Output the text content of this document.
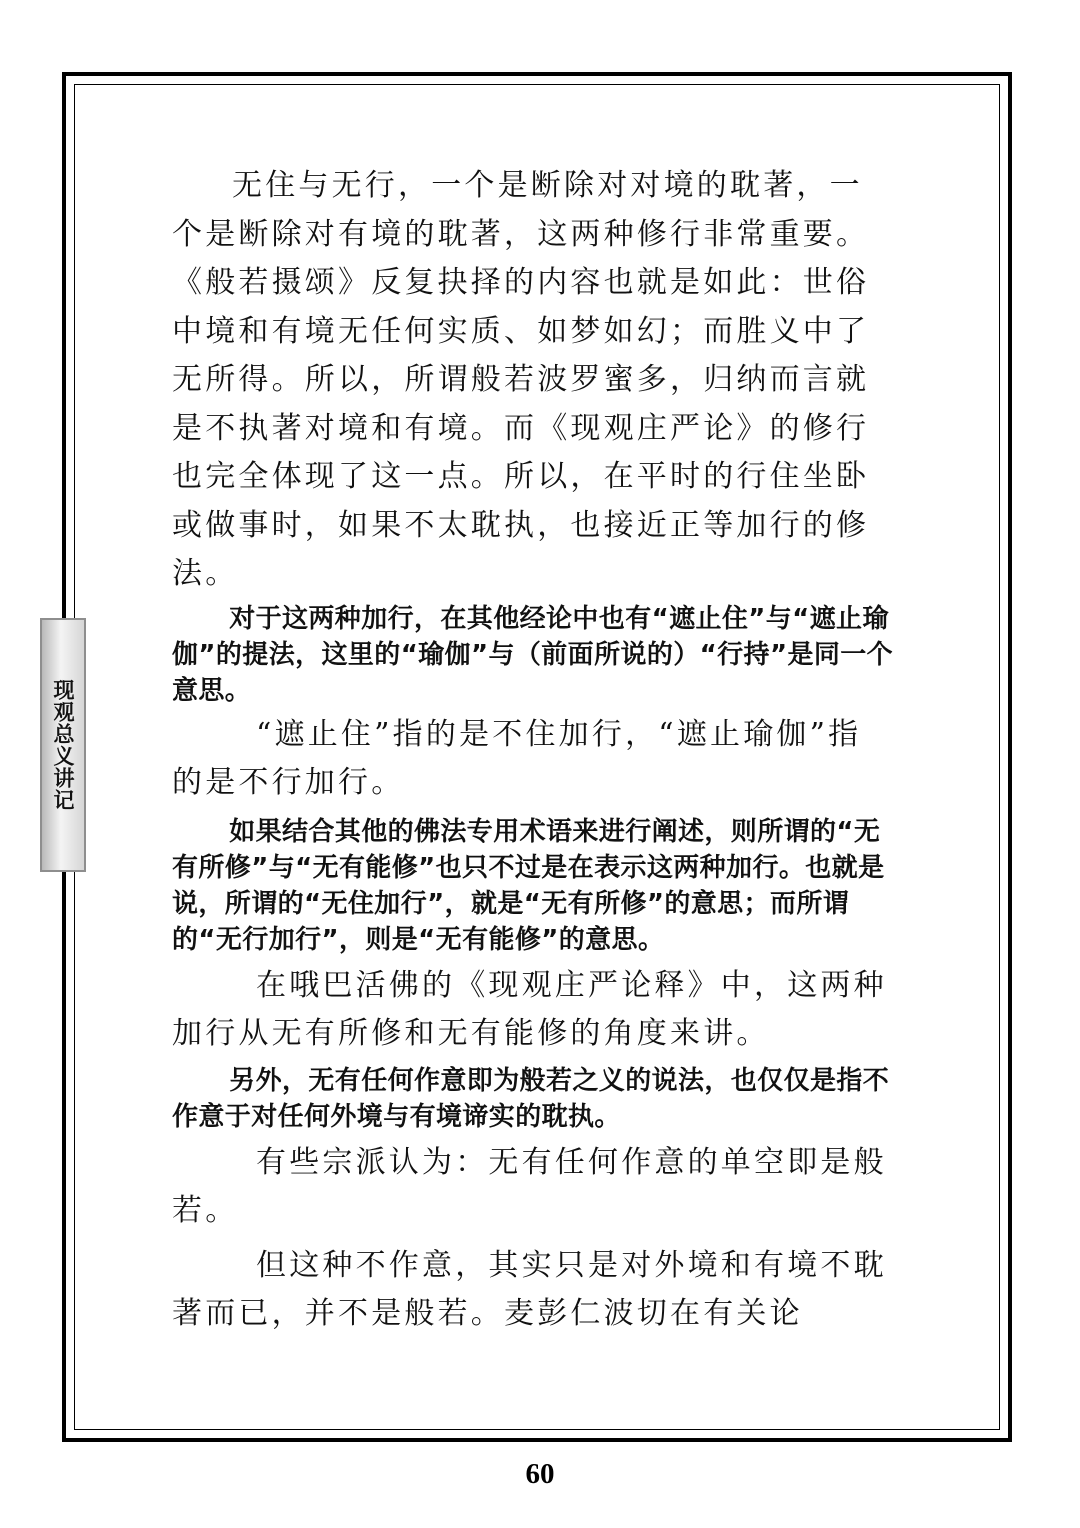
现观总义讲记

无住与无行，一个是断除对对境的耽著，一个是断除对有境的耽著，这两种修行非常重要。《般若摄颂》反复抉择的内容也就是如此：世俗中境和有境无任何实质、如梦如幻；而胜义中了无所得。所以，所谓般若波罗蜜多，归纳而言就是不执著对境和有境。而《现观庄严论》的修行也完全体现了这一点。所以，在平时的行住坐卧或做事时，如果不太耽执，也接近正等加行的修法。

对于这两种加行，在其他经论中也有“遮止住”与“遮止瑜伽”的提法，这里的“瑜伽”与（前面所说的）“行持”是同一个意思。

“遮止住”指的是不住加行，“遮止瑜伽”指的是不行加行。

如果结合其他的佛法专用术语来进行阐述，则所谓的“无有所修”与“无有能修”也只不过是在表示这两种加行。也就是说，所谓的“无住加行”，就是“无有所修”的意思；而所谓的“无行加行”，则是“无有能修”的意思。

在哦巴活佛的《现观庄严论释》中，这两种加行从无有所修和无有能修的角度来讲。

另外，无有任何作意即为般若之义的说法，也仅仅是指不作意于对任何外境与有境谛实的耽执。

有些宗派认为：无有任何作意的单空即是般若。

但这种不作意，其实只是对外境和有境不耽著而已，并不是般若。麦彭仁波切在有关论

60
